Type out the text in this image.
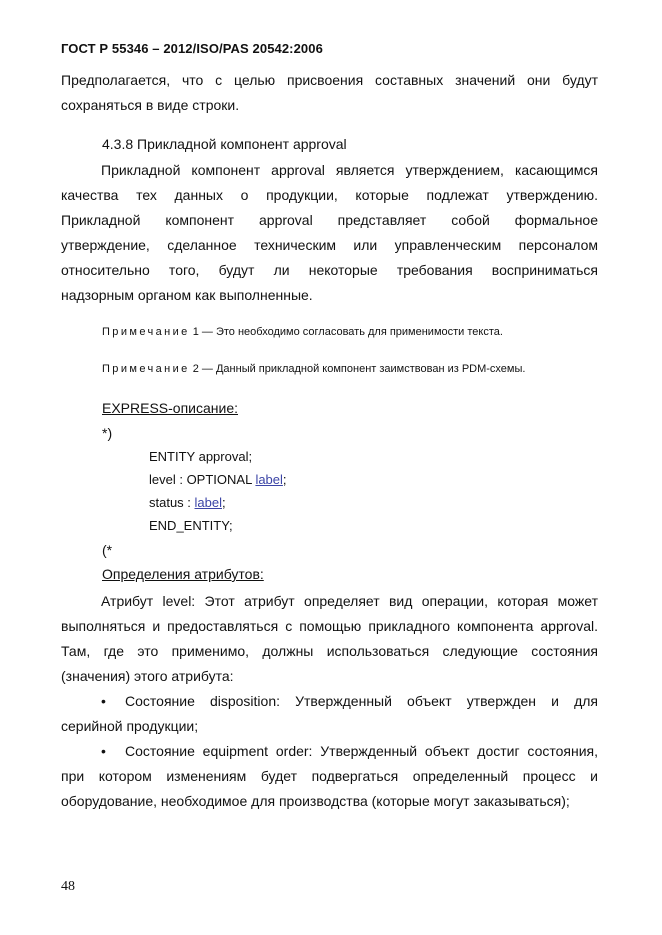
ГОСТ Р 55346 – 2012/ISO/PAS 20542:2006
Предполагается, что с целью присвоения составных значений они будут
сохраняться в виде строки.
4.3.8 Прикладной компонент approval
Прикладной компонент approval является утверждением, касающимся
качества тех данных о продукции, которые подлежат утверждению.
Прикладной компонент approval представляет собой формальное
утверждение, сделанное техническим или управленческим персоналом
относительно того, будут ли некоторые требования восприниматься
надзорным органом как выполненные.
Примечание 1 — Это необходимо согласовать для применимости текста.
Примечание 2 — Данный прикладной компонент заимствован из PDM-схемы.
EXPRESS-описание:
*)
ENTITY approval;
level : OPTIONAL label;
status : label;
END_ENTITY;
(*
Определения атрибутов:
Атрибут level: Этот атрибут определяет вид операции, которая может
выполняться и предоставляться с помощью прикладного компонента approval.
Там, где это применимо, должны использоваться следующие состояния
(значения) этого атрибута:
• Состояние disposition: Утвержденный объект утвержден и для
серийной продукции;
• Состояние equipment order: Утвержденный объект достиг состояния,
при котором изменениям будет подвергаться определенный процесс и
оборудование, необходимое для производства (которые могут заказываться);
48
